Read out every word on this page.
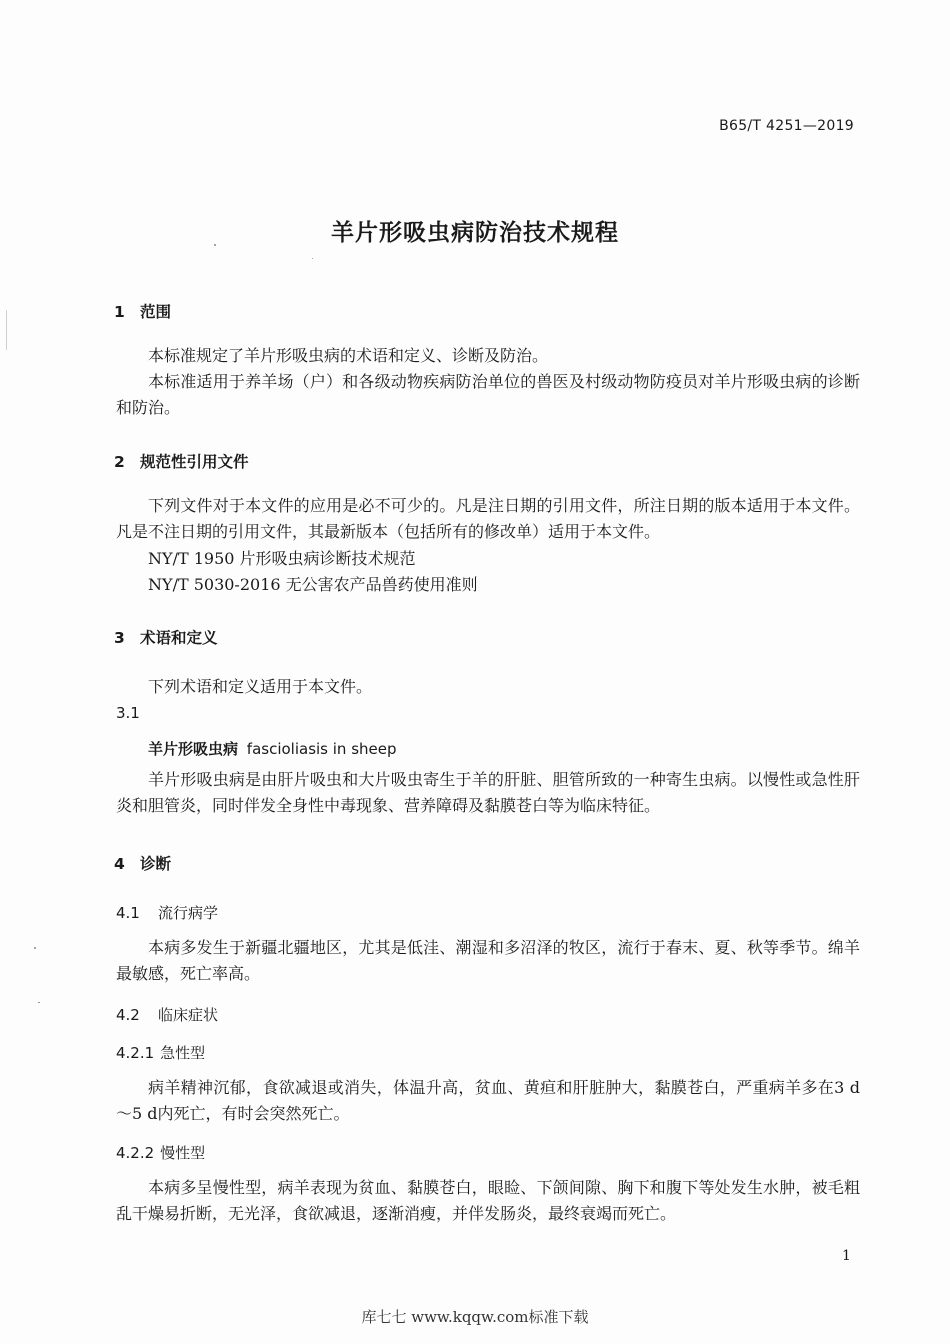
B65/T 4251—2019
羊片形吸虫病防治技术规程
1 范围
本标准规定了羊片形吸虫病的术语和定义、诊断及防治。
本标准适用于养羊场（户）和各级动物疾病防治单位的兽医及村级动物防疫员对羊片形吸虫病的诊断和防治。
2 规范性引用文件
下列文件对于本文件的应用是必不可少的。凡是注日期的引用文件，所注日期的版本适用于本文件。凡是不注日期的引用文件，其最新版本（包括所有的修改单）适用于本文件。
NY/T 1950 片形吸虫病诊断技术规范
NY/T 5030-2016 无公害农产品兽药使用准则
3 术语和定义
下列术语和定义适用于本文件。
3.1
羊片形吸虫病 fascioliasis in sheep
羊片形吸虫病是由肝片吸虫和大片吸虫寄生于羊的肝脏、胆管所致的一种寄生虫病。以慢性或急性肝炎和胆管炎，同时伴发全身性中毒现象、营养障碍及黏膜苍白等为临床特征。
4 诊断
4.1 流行病学
本病多发生于新疆北疆地区，尤其是低洼、潮湿和多沼泽的牧区，流行于春末、夏、秋等季节。绵羊最敏感，死亡率高。
4.2 临床症状
4.2.1 急性型
病羊精神沉郁，食欲减退或消失，体温升高，贫血、黄疸和肝脏肿大，黏膜苍白，严重病羊多在3 d～5 d内死亡，有时会突然死亡。
4.2.2 慢性型
本病多呈慢性型，病羊表现为贫血、黏膜苍白，眼睑、下颌间隙、胸下和腹下等处发生水肿，被毛粗乱干燥易折断，无光泽，食欲减退，逐渐消瘦，并伴发肠炎，最终衰竭而死亡。
1
库七七 www.kqqw.com标准下载
